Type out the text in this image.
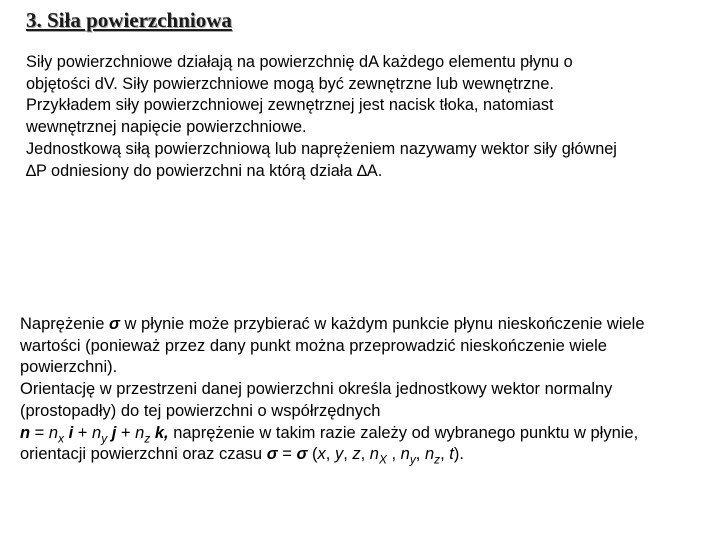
3. Siła powierzchniowa
Siły powierzchniowe działają na powierzchnię dA każdego elementu płynu o
objętości dV. Siły powierzchniowe mogą być zewnętrzne lub wewnętrzne.
Przykładem siły powierzchniowej zewnętrznej jest nacisk tłoka, natomiast
wewnętrznej napięcie powierzchniowe.
Jednostkową siłą powierzchniową lub naprężeniem nazywamy wektor siły głównej
∆P odniesiony do powierzchni na którą działa ∆A.
Naprężenie σ w płynie może przybierać w każdym punkcie płynu nieskończenie wiele
wartości (ponieważ przez dany punkt można przeprowadzić nieskończenie wiele
powierzchni).
Orientację w przestrzeni danej powierzchni określa jednostkowy wektor normalny
(prostopadły) do tej powierzchni o współrzędnych
$n = n_x$ $i + n_y$ $j + n_z$ k, naprężenie w takim razie zależy od wybranego punktu w płynie,
orientacji powierzchni oraz czasu σ = σ (x, y, z, $n_X$ , $n_y$, $n_z$, t).
